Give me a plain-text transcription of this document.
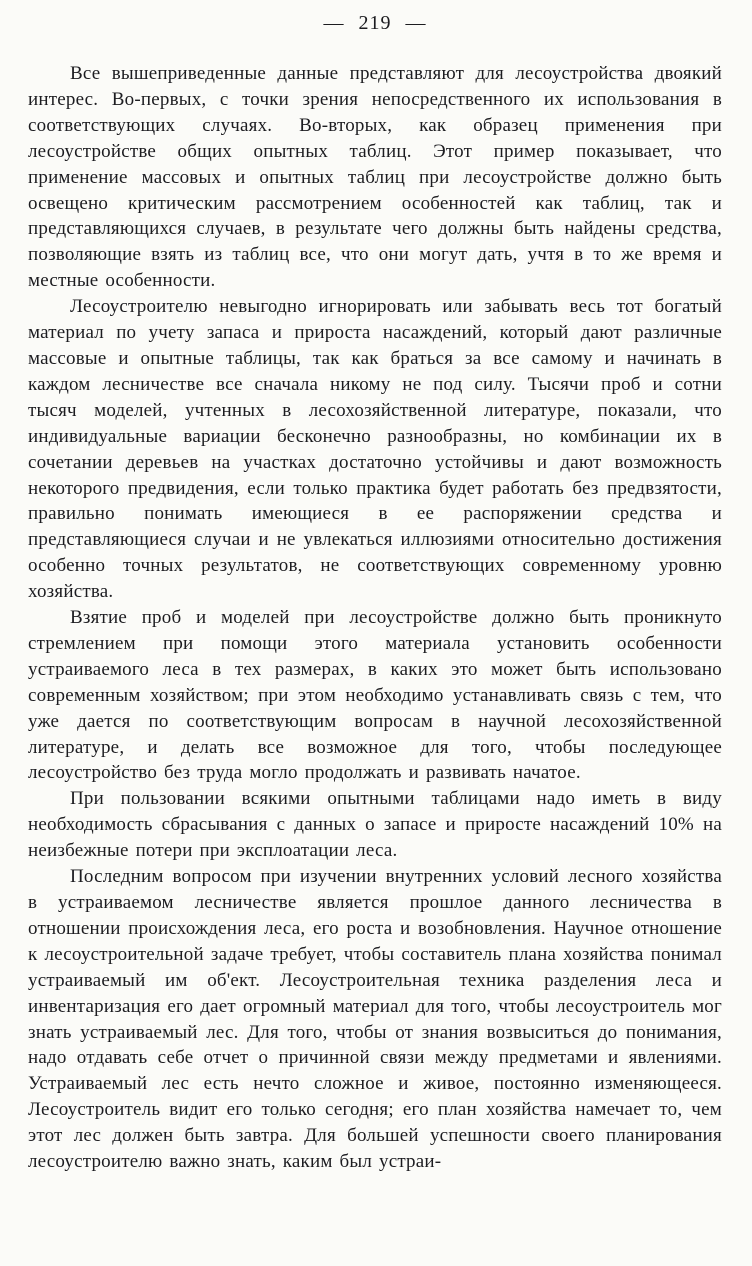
— 219 —

Все вышеприведенные данные представляют для лесоустройства двоякий интерес. Во-первых, с точки зрения непосредственного их использования в соответствующих случаях. Во-вторых, как образец применения при лесоустройстве общих опытных таблиц. Этот пример показывает, что применение массовых и опытных таблиц при лесоустройстве должно быть освещено критическим рассмотрением особенностей как таблиц, так и представляющихся случаев, в результате чего должны быть найдены средства, позволяющие взять из таблиц все, что они могут дать, учтя в то же время и местные особенности.

Лесоустроителю невыгодно игнорировать или забывать весь тот богатый материал по учету запаса и прироста насаждений, который дают различные массовые и опытные таблицы, так как браться за все самому и начинать в каждом лесничестве все сначала никому не под силу. Тысячи проб и сотни тысяч моделей, учтенных в лесохозяйственной литературе, показали, что индивидуальные вариации бесконечно разнообразны, но комбинации их в сочетании деревьев на участках достаточно устойчивы и дают возможность некоторого предвидения, если только практика будет работать без предвзятости, правильно понимать имеющиеся в ее распоряжении средства и представляющиеся случаи и не увлекаться иллюзиями относительно достижения особенно точных результатов, не соответствующих современному уровню хозяйства.

Взятие проб и моделей при лесоустройстве должно быть проникнуто стремлением при помощи этого материала установить особенности устраиваемого леса в тех размерах, в каких это может быть использовано современным хозяйством; при этом необходимо устанавливать связь с тем, что уже дается по соответствующим вопросам в научной лесохозяйственной литературе, и делать все возможное для того, чтобы последующее лесоустройство без труда могло продолжать и развивать начатое.

При пользовании всякими опытными таблицами надо иметь в виду необходимость сбрасывания с данных о запасе и приросте насаждений 10% на неизбежные потери при эксплоатации леса.

Последним вопросом при изучении внутренних условий лесного хозяйства в устраиваемом лесничестве является прошлое данного лесничества в отношении происхождения леса, его роста и возобновления. Научное отношение к лесоустроительной задаче требует, чтобы составитель плана хозяйства понимал устраиваемый им об'ект. Лесоустроительная техника разделения леса и инвентаризация его дает огромный материал для того, чтобы лесоустроитель мог знать устраиваемый лес. Для того, чтобы от знания возвыситься до понимания, надо отдавать себе отчет о причинной связи между предметами и явлениями. Устраиваемый лес есть нечто сложное и живое, постоянно изменяющееся. Лесоустроитель видит его только сегодня; его план хозяйства намечает то, чем этот лес должен быть завтра. Для большей успешности своего планирования лесоустроителю важно знать, каким был устраи-
